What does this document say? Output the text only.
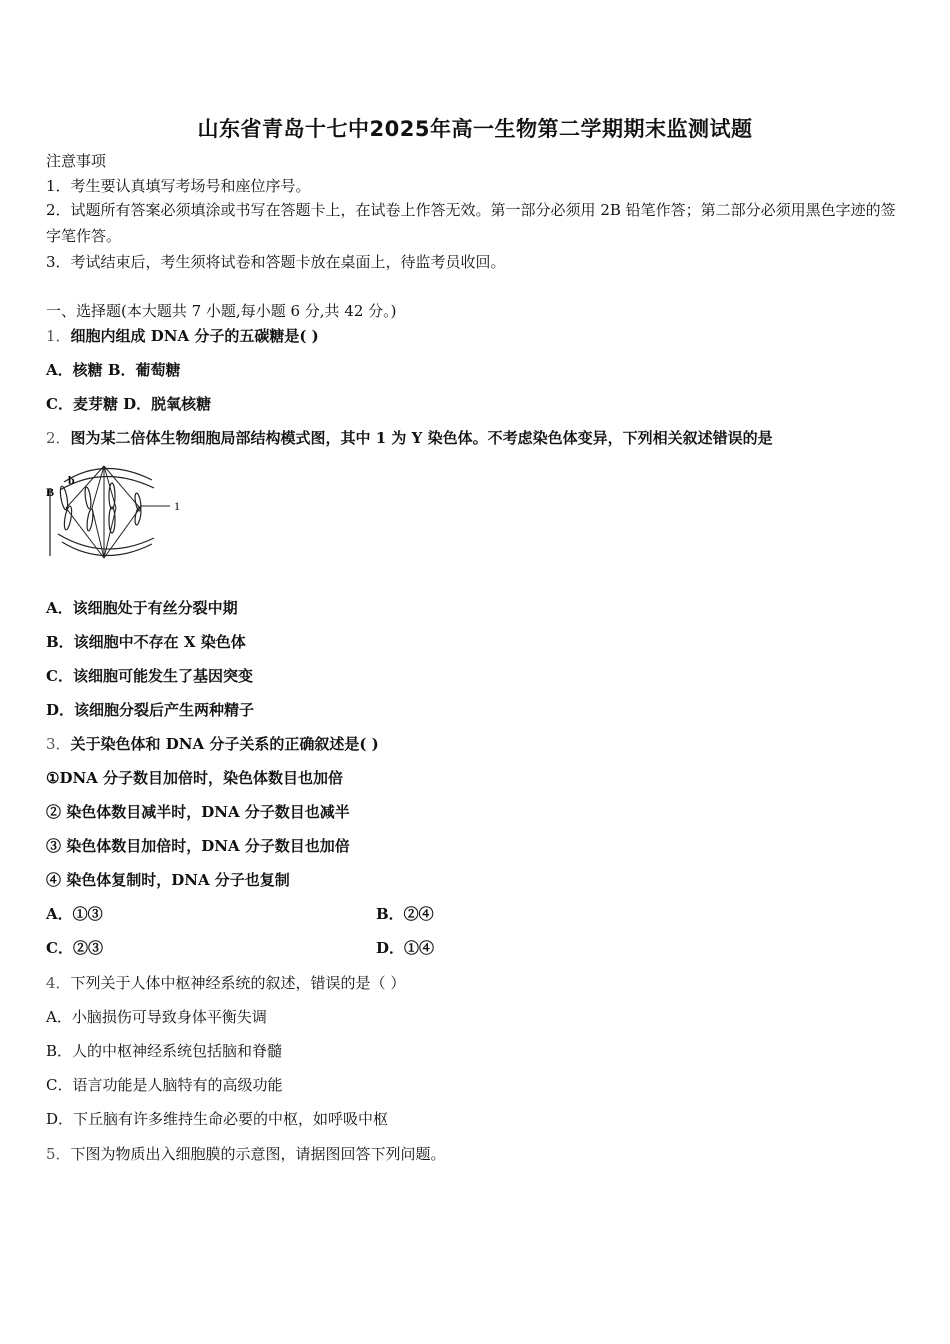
山东省青岛十七中2025年高一生物第二学期期末监测试题
注意事项
1．考生要认真填写考场号和座位序号。
2．试题所有答案必须填涂或书写在答题卡上，在试卷上作答无效。第一部分必须用 2B 铅笔作答；第二部分必须用黑色字迹的签字笔作答。
3．考试结束后，考生须将试卷和答题卡放在桌面上，待监考员收回。
一、选择题(本大题共 7 小题,每小题 6 分,共 42 分。)
1．细胞内组成 DNA 分子的五碳糖是( )
A．核糖 B．葡萄糖
C．麦芽糖 D．脱氧核糖
2．图为某二倍体生物细胞局部结构模式图，其中 1 为 Y 染色体。不考虑染色体变异，下列相关叙述错误的是
B
b
1
A．该细胞处于有丝分裂中期
B．该细胞中不存在 X 染色体
C．该细胞可能发生了基因突变
D．该细胞分裂后产生两种精子
3．关于染色体和 DNA 分子关系的正确叙述是( )
①DNA 分子数目加倍时，染色体数目也加倍
② 染色体数目减半时，DNA 分子数目也减半
③ 染色体数目加倍时，DNA 分子数目也加倍
④ 染色体复制时，DNA 分子也复制
A．①③	B．②④
C．②③	D．①④
4．下列关于人体中枢神经系统的叙述，错误的是（ ）
A．小脑损伤可导致身体平衡失调
B．人的中枢神经系统包括脑和脊髓
C．语言功能是人脑特有的高级功能
D．下丘脑有许多维持生命必要的中枢，如呼吸中枢
5．下图为物质出入细胞膜的示意图，请据图回答下列问题。
